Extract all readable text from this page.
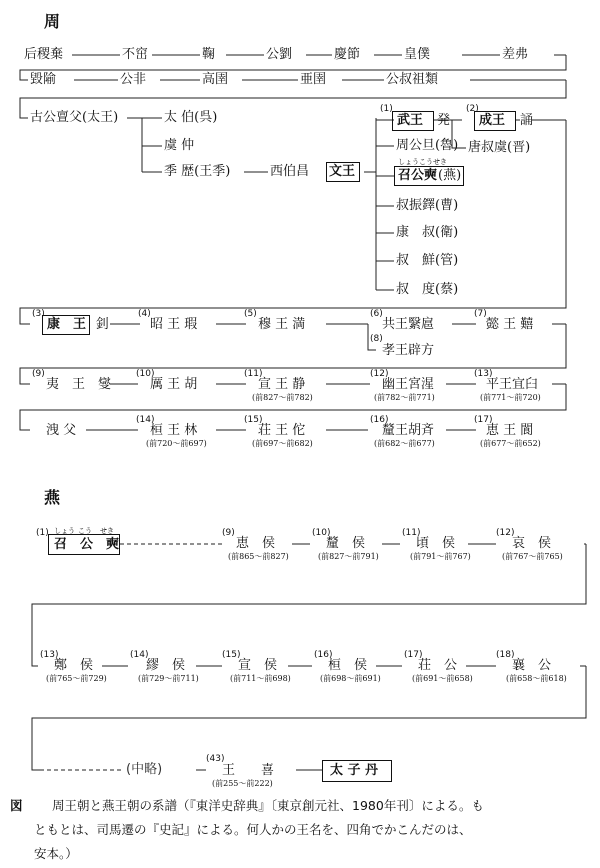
周
后稷棄	不窋	鞠	公劉	慶節	皇僕	差弗
毀隃	公非	高圉	亜圉	公叔祖類
古公亶父(太王)	太 伯(呉)
虞 仲
季 歴(王季)	西伯昌 文王
(1)
武王 発
(2)
成王 誦
唐叔虞(晋)
周公旦(魯)
しょうこうせき
召公奭 (燕)
叔振鐸(曹)
康　叔(衛)
叔　鮮(管)
叔　度(蔡)
(3)
康　王 釗
(4)
昭 王 瑕
(5)
穆 王 満
(6)
共王繄扈
(7)
懿 王 囏
(8)
孝王辟方
(9)
夷　王　燮
(10)
厲 王 胡
(11)
宣 王 静
(前827〜前782)
(12)
幽王宮湦
(前782〜前771)
(13)
平王宜臼
(前771〜前720)
洩 父
(14)
桓 王 林
(前720〜前697)
(15)
荘 王 佗
(前697〜前682)
(16)
釐王胡斉
(前682〜前677)
(17)
恵 王 閬
(前677〜前652)
燕
(1) しょう こう せき
召　公　奭
(9)
恵　侯
(前865〜前827)
(10)
釐　侯
(前827〜前791)
(11)
頃　侯
(前791〜前767)
(12)
哀　侯
(前767〜前765)
(13)
鄭　侯
(前765〜前729)
(14)
繆　侯
(前729〜前711)
(15)
宣　侯
(前711〜前698)
(16)
桓　侯
(前698〜前691)
(17)
荘　公
(前691〜前658)
(18)
襄　公
(前658〜前618)
(中略)
(43)
王　　喜
(前255〜前222)
太 子 丹
図 周王朝と燕王朝の系譜（『東洋史辞典』〔東京創元社、1980年刊〕による。も
ともとは、司馬遷の『史記』による。何人かの王名を、四角でかこんだのは、
安本。）
